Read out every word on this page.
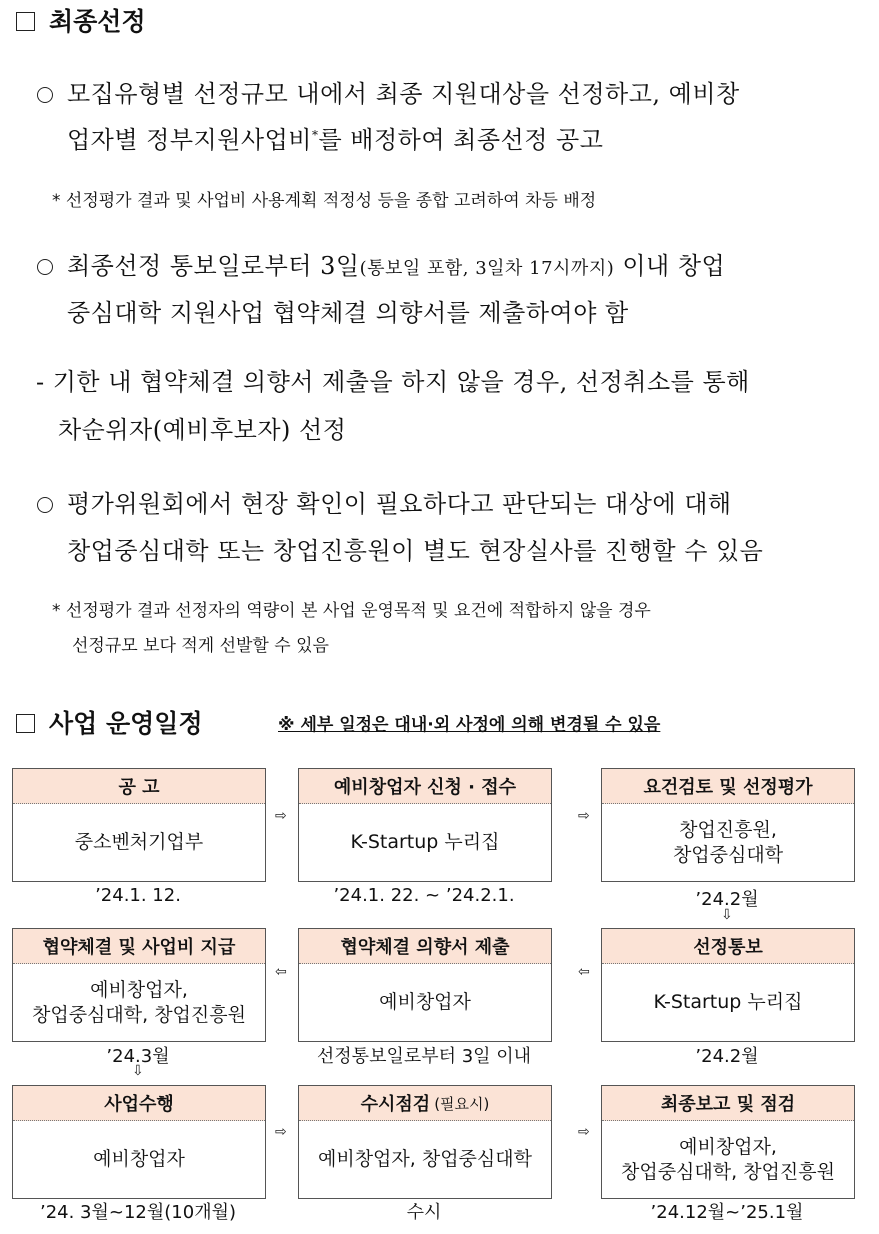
최종선정
모집유형별 선정규모 내에서 최종 지원대상을 선정하고, 예비창
업자별 정부지원사업비*를 배정하여 최종선정 공고
* 선정평가 결과 및 사업비 사용계획 적정성 등을 종합 고려하여 차등 배정
최종선정 통보일로부터 3일(통보일 포함, 3일차 17시까지) 이내 창업
중심대학 지원사업 협약체결 의향서를 제출하여야 함
- 기한 내 협약체결 의향서 제출을 하지 않을 경우, 선정취소를 통해
차순위자(예비후보자) 선정
평가위원회에서 현장 확인이 필요하다고 판단되는 대상에 대해
창업중심대학 또는 창업진흥원이 별도 현장실사를 진행할 수 있음
* 선정평가 결과 선정자의 역량이 본 사업 운영목적 및 요건에 적합하지 않을 경우
선정규모 보다 적게 선발할 수 있음
사업 운영일정	※ 세부 일정은 대내·외 사정에 의해 변경될 수 있음
공 고
중소벤처기업부
’24.1. 12.
예비창업자 신청 · 접수
K-Startup 누리집
’24.1. 22. ~ ’24.2.1.
요건검토 및 선정평가
창업진흥원,
창업중심대학
’24.2월
협약체결 및 사업비 지급
예비창업자,
창업중심대학, 창업진흥원
’24.3월
협약체결 의향서 제출
예비창업자
선정통보일로부터 3일 이내
선정통보
K-Startup 누리집
’24.2월
사업수행
예비창업자
’24. 3월~12월(10개월)
수시점검 (필요시)
예비창업자, 창업중심대학
수시
최종보고 및 점검
예비창업자,
창업중심대학, 창업진흥원
’24.12월~’25.1월
⇨	⇨
⇩
⇦
⇦
⇩
⇨	⇨
